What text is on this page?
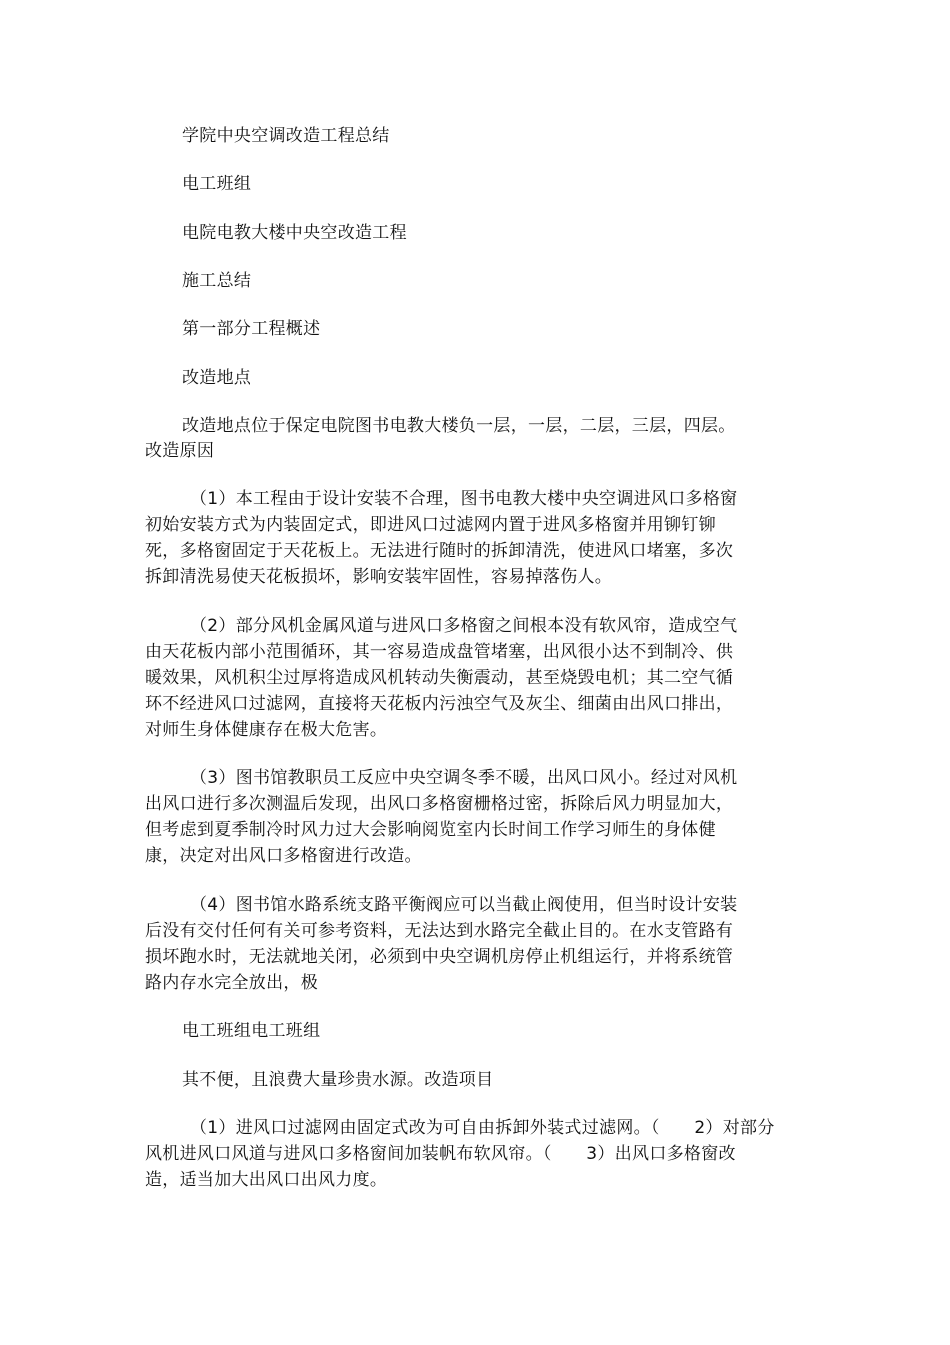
学院中央空调改造工程总结
电工班组
电院电教大楼中央空改造工程
施工总结
第一部分工程概述
改造地点
改造地点位于保定电院图书电教大楼负一层，一层，二层，三层，四层。
改造原因
（1）本工程由于设计安装不合理，图书电教大楼中央空调进风口多格窗
初始安装方式为内装固定式，即进风口过滤网内置于进风多格窗并用铆钉铆
死，多格窗固定于天花板上。无法进行随时的拆卸清洗，使进风口堵塞，多次
拆卸清洗易使天花板损坏，影响安装牢固性，容易掉落伤人。
（2）部分风机金属风道与进风口多格窗之间根本没有软风帘，造成空气
由天花板内部小范围循环，其一容易造成盘管堵塞，出风很小达不到制冷、供
暖效果，风机积尘过厚将造成风机转动失衡震动，甚至烧毁电机；其二空气循
环不经进风口过滤网，直接将天花板内污浊空气及灰尘、细菌由出风口排出，
对师生身体健康存在极大危害。
（3）图书馆教职员工反应中央空调冬季不暖，出风口风小。经过对风机
出风口进行多次测温后发现，出风口多格窗栅格过密，拆除后风力明显加大，
但考虑到夏季制冷时风力过大会影响阅览室内长时间工作学习师生的身体健
康，决定对出风口多格窗进行改造。
（4）图书馆水路系统支路平衡阀应可以当截止阀使用，但当时设计安装
后没有交付任何有关可参考资料，无法达到水路完全截止目的。在水支管路有
损坏跑水时，无法就地关闭，必须到中央空调机房停止机组运行，并将系统管
路内存水完全放出，极
电工班组电工班组
其不便，且浪费大量珍贵水源。改造项目
（1）进风口过滤网由固定式改为可自由拆卸外装式过滤网。（　　2）对部分
风机进风口风道与进风口多格窗间加装帆布软风帘。（　　3）出风口多格窗改
造，适当加大出风口出风力度。
